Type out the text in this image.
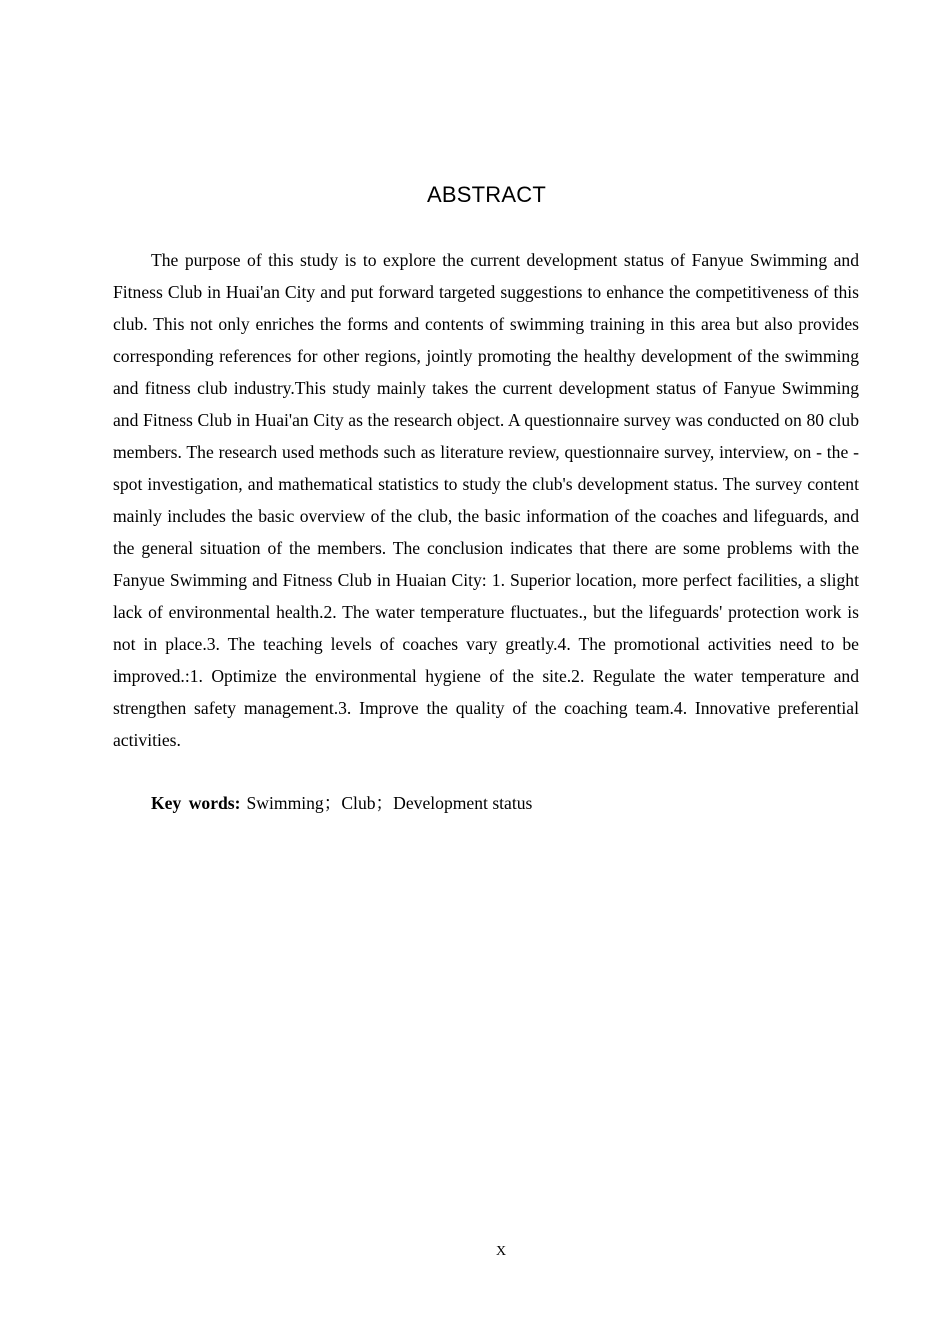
ABSTRACT

The purpose of this study is to explore the current development status of Fanyue Swimming and Fitness Club in Huai'an City and put forward targeted suggestions to enhance the competitiveness of this club. This not only enriches the forms and contents of swimming training in this area but also provides corresponding references for other regions, jointly promoting the healthy development of the swimming and fitness club industry.This study mainly takes the current development status of Fanyue Swimming and Fitness Club in Huai'an City as the research object. A questionnaire survey was conducted on 80 club members. The research used methods such as literature review, questionnaire survey, interview, on - the - spot investigation, and mathematical statistics to study the club's development status. The survey content mainly includes the basic overview of the club, the basic information of the coaches and lifeguards, and the general situation of the members. The conclusion indicates that there are some problems with the Fanyue Swimming and Fitness Club in Huaian City: 1. Superior location, more perfect facilities, a slight lack of environmental health.2. The water temperature fluctuates., but the lifeguards' protection work is not in place.3. The teaching levels of coaches vary greatly.4. The promotional activities need to be improved.:1. Optimize the environmental hygiene of the site.2. Regulate the water temperature and strengthen safety management.3. Improve the quality of the coaching team.4. Innovative preferential activities.

Key words: Swimming；Club；Development status

X
